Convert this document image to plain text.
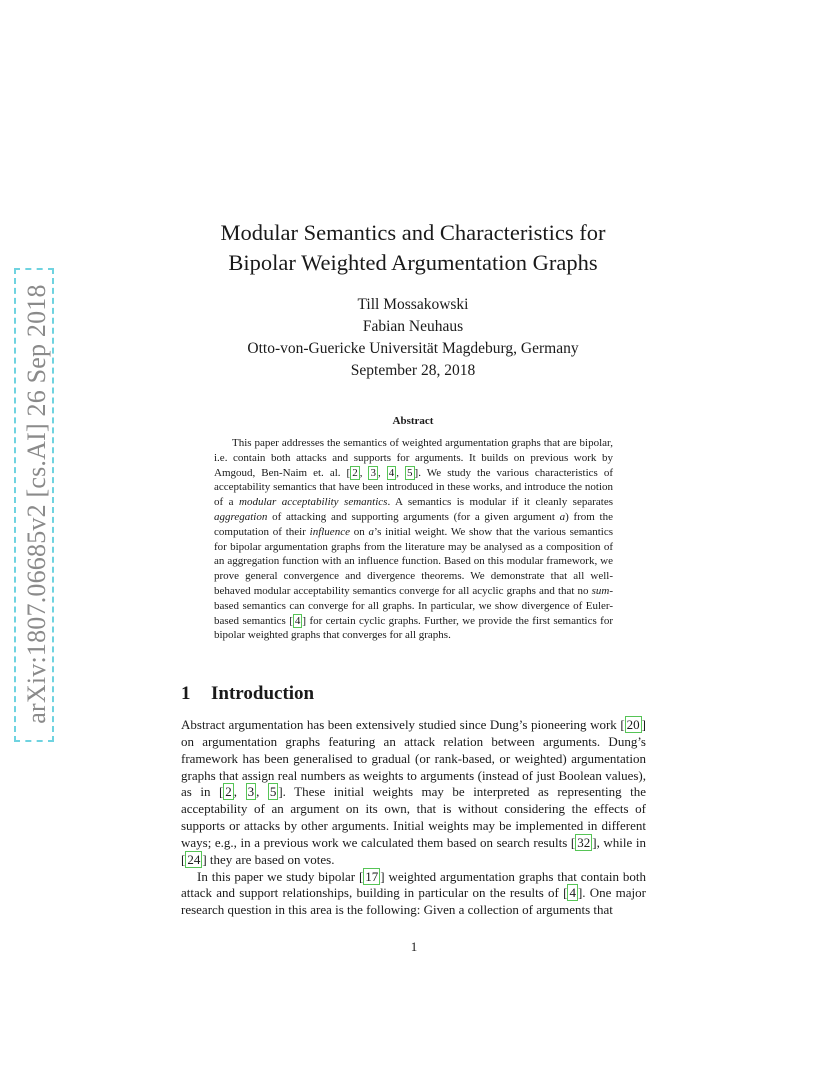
arXiv:1807.06685v2 [cs.AI] 26 Sep 2018
Modular Semantics and Characteristics for
Bipolar Weighted Argumentation Graphs
Till Mossakowski
Fabian Neuhaus
Otto-von-Guericke Universität Magdeburg, Germany
September 28, 2018
Abstract
This paper addresses the semantics of weighted argumentation graphs that are bipolar, i.e. contain both attacks and supports for arguments. It builds on previous work by Amgoud, Ben-Naim et. al. [ 2 , 3 , 4 , 5 ]. We study the various characteristics of acceptability semantics that have been introduced in these works, and introduce the notion of a modular acceptability semantics. A semantics is modular if it cleanly separates aggregation of attacking and supporting arguments (for a given argument a) from the computation of their influence on a’s initial weight. We show that the various semantics for bipolar argumentation graphs from the literature may be analysed as a composition of an aggregation function with an influence function. Based on this modular framework, we prove general convergence and divergence theorems. We demonstrate that all well-behaved modular acceptability semantics converge for all acyclic graphs and that no sum-based semantics can converge for all graphs. In particular, we show divergence of Euler-based semantics [ 4 ] for certain cyclic graphs. Further, we provide the first semantics for bipolar weighted graphs that converges for all graphs.
1 Introduction

Abstract argumentation has been extensively studied since Dung’s pioneering work [ 20 ] on argumentation graphs featuring an attack relation between arguments. Dung’s framework has been generalised to gradual (or rank-based, or weighted) argumentation graphs that assign real numbers as weights to arguments (instead of just Boolean values), as in [ 2 , 3 , 5 ]. These initial weights may be interpreted as representing the acceptability of an argument on its own, that is without considering the effects of supports or attacks by other arguments. Initial weights may be implemented in different ways; e.g., in a previous work we calculated them based on search results [ 32 ], while in [ 24 ] they are based on votes.

In this paper we study bipolar [ 17 ] weighted argumentation graphs that contain both attack and support relationships, building in particular on the results of [ 4 ]. One major research question in this area is the following: Given a collection of arguments that

1
